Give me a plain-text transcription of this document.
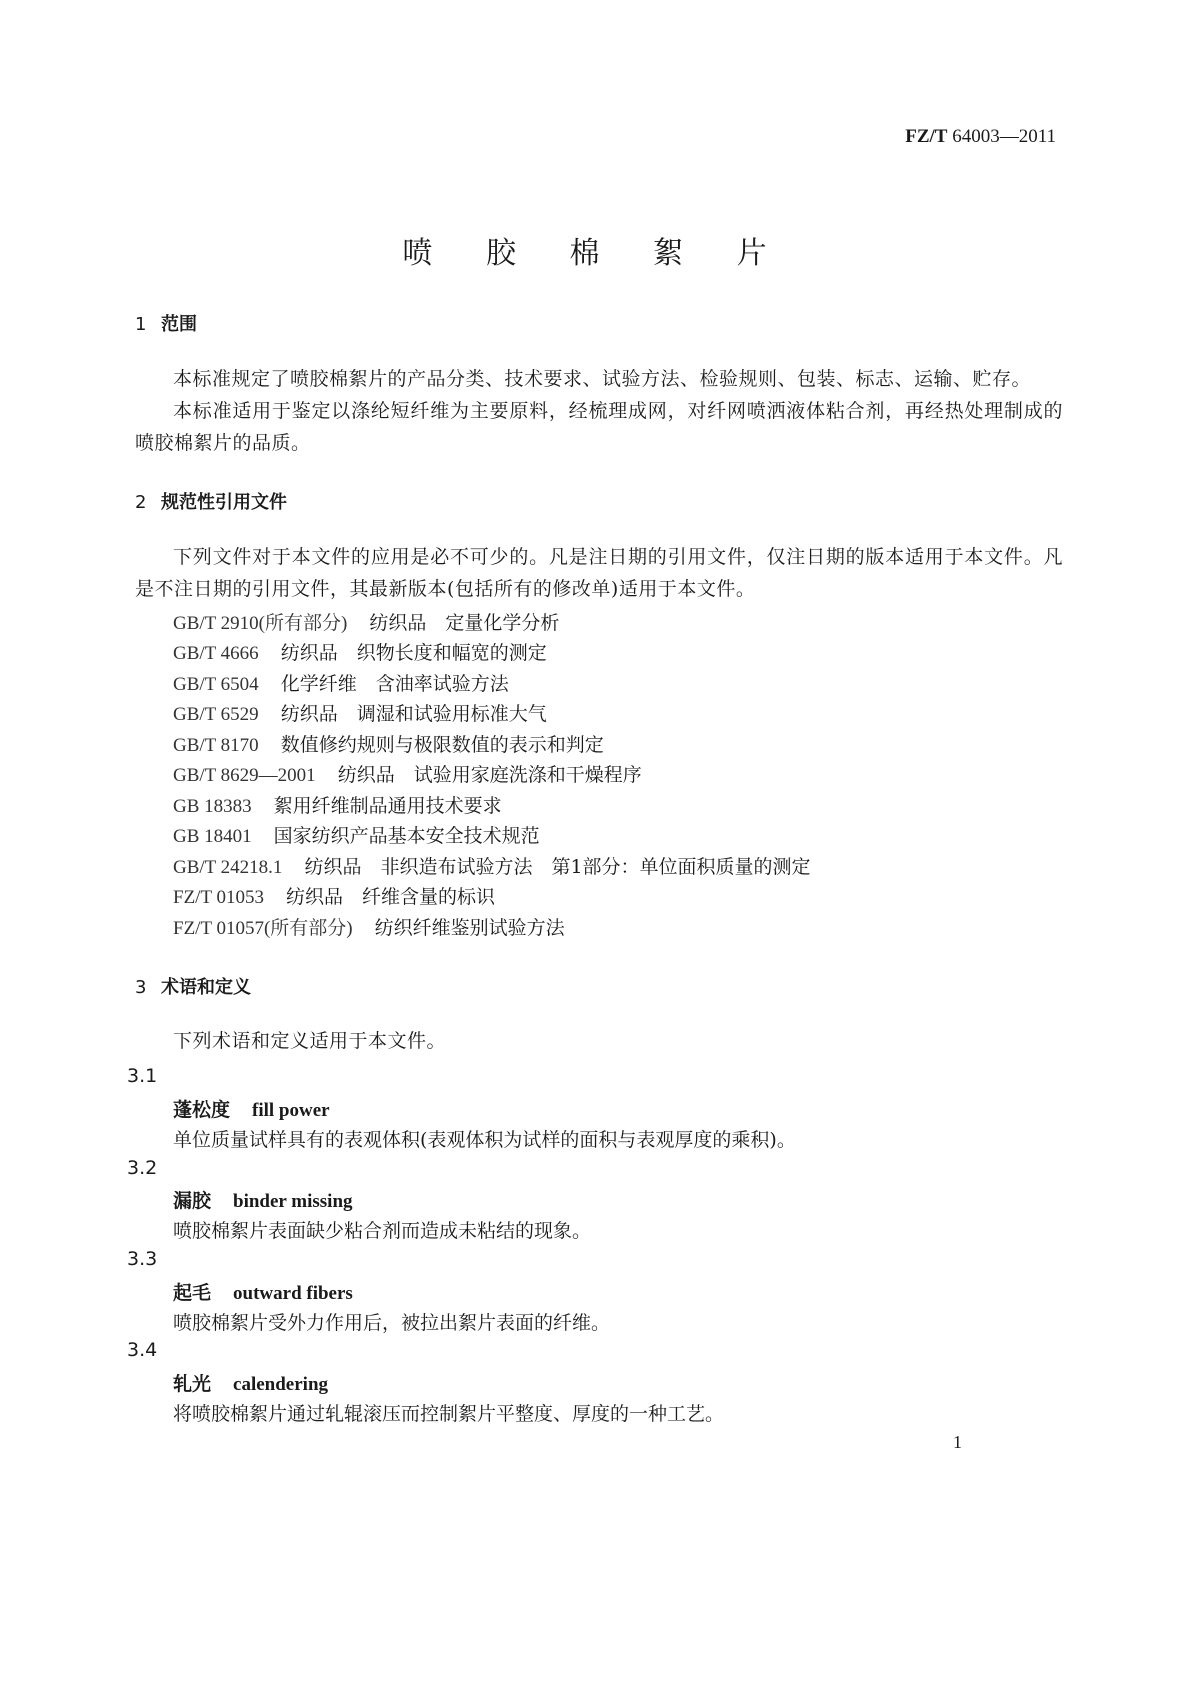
FZ/T 64003—2011
喷 胶 棉 絮 片
1 范围

本标准规定了喷胶棉絮片的产品分类、技术要求、试验方法、检验规则、包装、标志、运输、贮存。

本标准适用于鉴定以涤纶短纤维为主要原料，经梳理成网，对纤网喷洒液体粘合剂，再经热处理制成的喷胶棉絮片的品质。

2 规范性引用文件

下列文件对于本文件的应用是必不可少的。凡是注日期的引用文件，仅注日期的版本适用于本文件。凡是不注日期的引用文件，其最新版本(包括所有的修改单)适用于本文件。

GB/T 2910(所有部分) 纺织品　定量化学分析
GB/T 4666 纺织品　织物长度和幅宽的测定
GB/T 6504 化学纤维　含油率试验方法
GB/T 6529 纺织品　调湿和试验用标准大气
GB/T 8170 数值修约规则与极限数值的表示和判定
GB/T 8629—2001 纺织品　试验用家庭洗涤和干燥程序
GB 18383 絮用纤维制品通用技术要求
GB 18401 国家纺织产品基本安全技术规范
GB/T 24218.1 纺织品　非织造布试验方法　第1部分：单位面积质量的测定
FZ/T 01053 纺织品　纤维含量的标识
FZ/T 01057(所有部分) 纺织纤维鉴别试验方法
3 术语和定义

下列术语和定义适用于本文件。

3.1
蓬松度 fill power
单位质量试样具有的表观体积(表观体积为试样的面积与表观厚度的乘积)。
3.2
漏胶 binder missing
喷胶棉絮片表面缺少粘合剂而造成未粘结的现象。
3.3
起毛 outward fibers
喷胶棉絮片受外力作用后，被拉出絮片表面的纤维。
3.4
轧光 calendering
将喷胶棉絮片通过轧辊滚压而控制絮片平整度、厚度的一种工艺。
1
